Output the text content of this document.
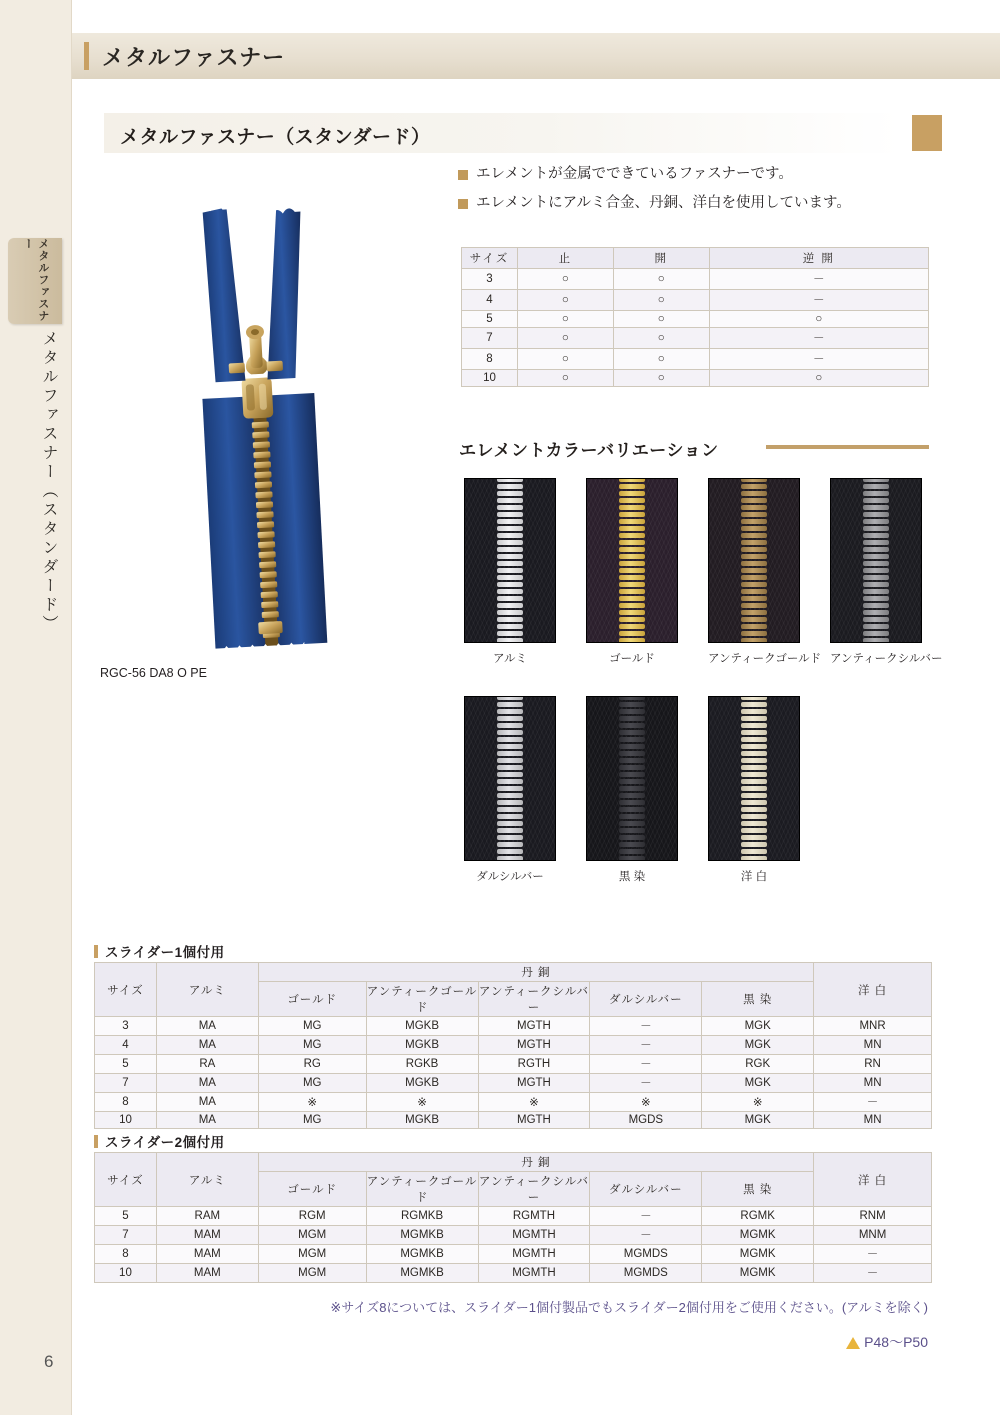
メタルファスナー
メタルファスナー
メタルファスナー（スタンダード）
メタルファスナー（スタンダード）
エレメントが金属でできているファスナーです。
エレメントにアルミ合金、丹銅、洋白を使用しています。
サイズ	止	開	逆 開
3	○	○	－
4	○	○	－
5	○	○	○
7	○	○	－
8	○	○	－
10	○	○	○
エレメントカラーバリエーション
アルミ	ゴールド	アンティークゴールド アンティークシルバー
ダルシルバー	黒 染	洋 白
RGC-56 DA8 O PE
スライダー1個付用
サイズ	アルミ	丹 銅					洋 白
		ゴールド	アンティークゴールド	アンティークシルバー	ダルシルバー	黒 染	
3	MA	MG	MGKB	MGTH	－	MGK	MNR
4	MA	MG	MGKB	MGTH	－	MGK	MN
5	RA	RG	RGKB	RGTH	－	RGK	RN
7	MA	MG	MGKB	MGTH	－	MGK	MN
8	MA	※	※	※	※	※	－
10	MA	MG	MGKB	MGTH	MGDS	MGK	MN
スライダー2個付用
サイズ	アルミ	丹 銅					洋 白
		ゴールド	アンティークゴールド	アンティークシルバー	ダルシルバー	黒 染	
5	RAM	RGM	RGMKB	RGMTH	－	RGMK	RNM
7	MAM	MGM	MGMKB	MGMTH	－	MGMK	MNM
8	MAM	MGM	MGMKB	MGMTH	MGMDS	MGMK	－
10	MAM	MGM	MGMKB	MGMTH	MGMDS	MGMK	－
※サイズ8については、スライダー1個付製品でもスライダー2個付用をご使用ください。(アルミを除く)
P48～P50
6
